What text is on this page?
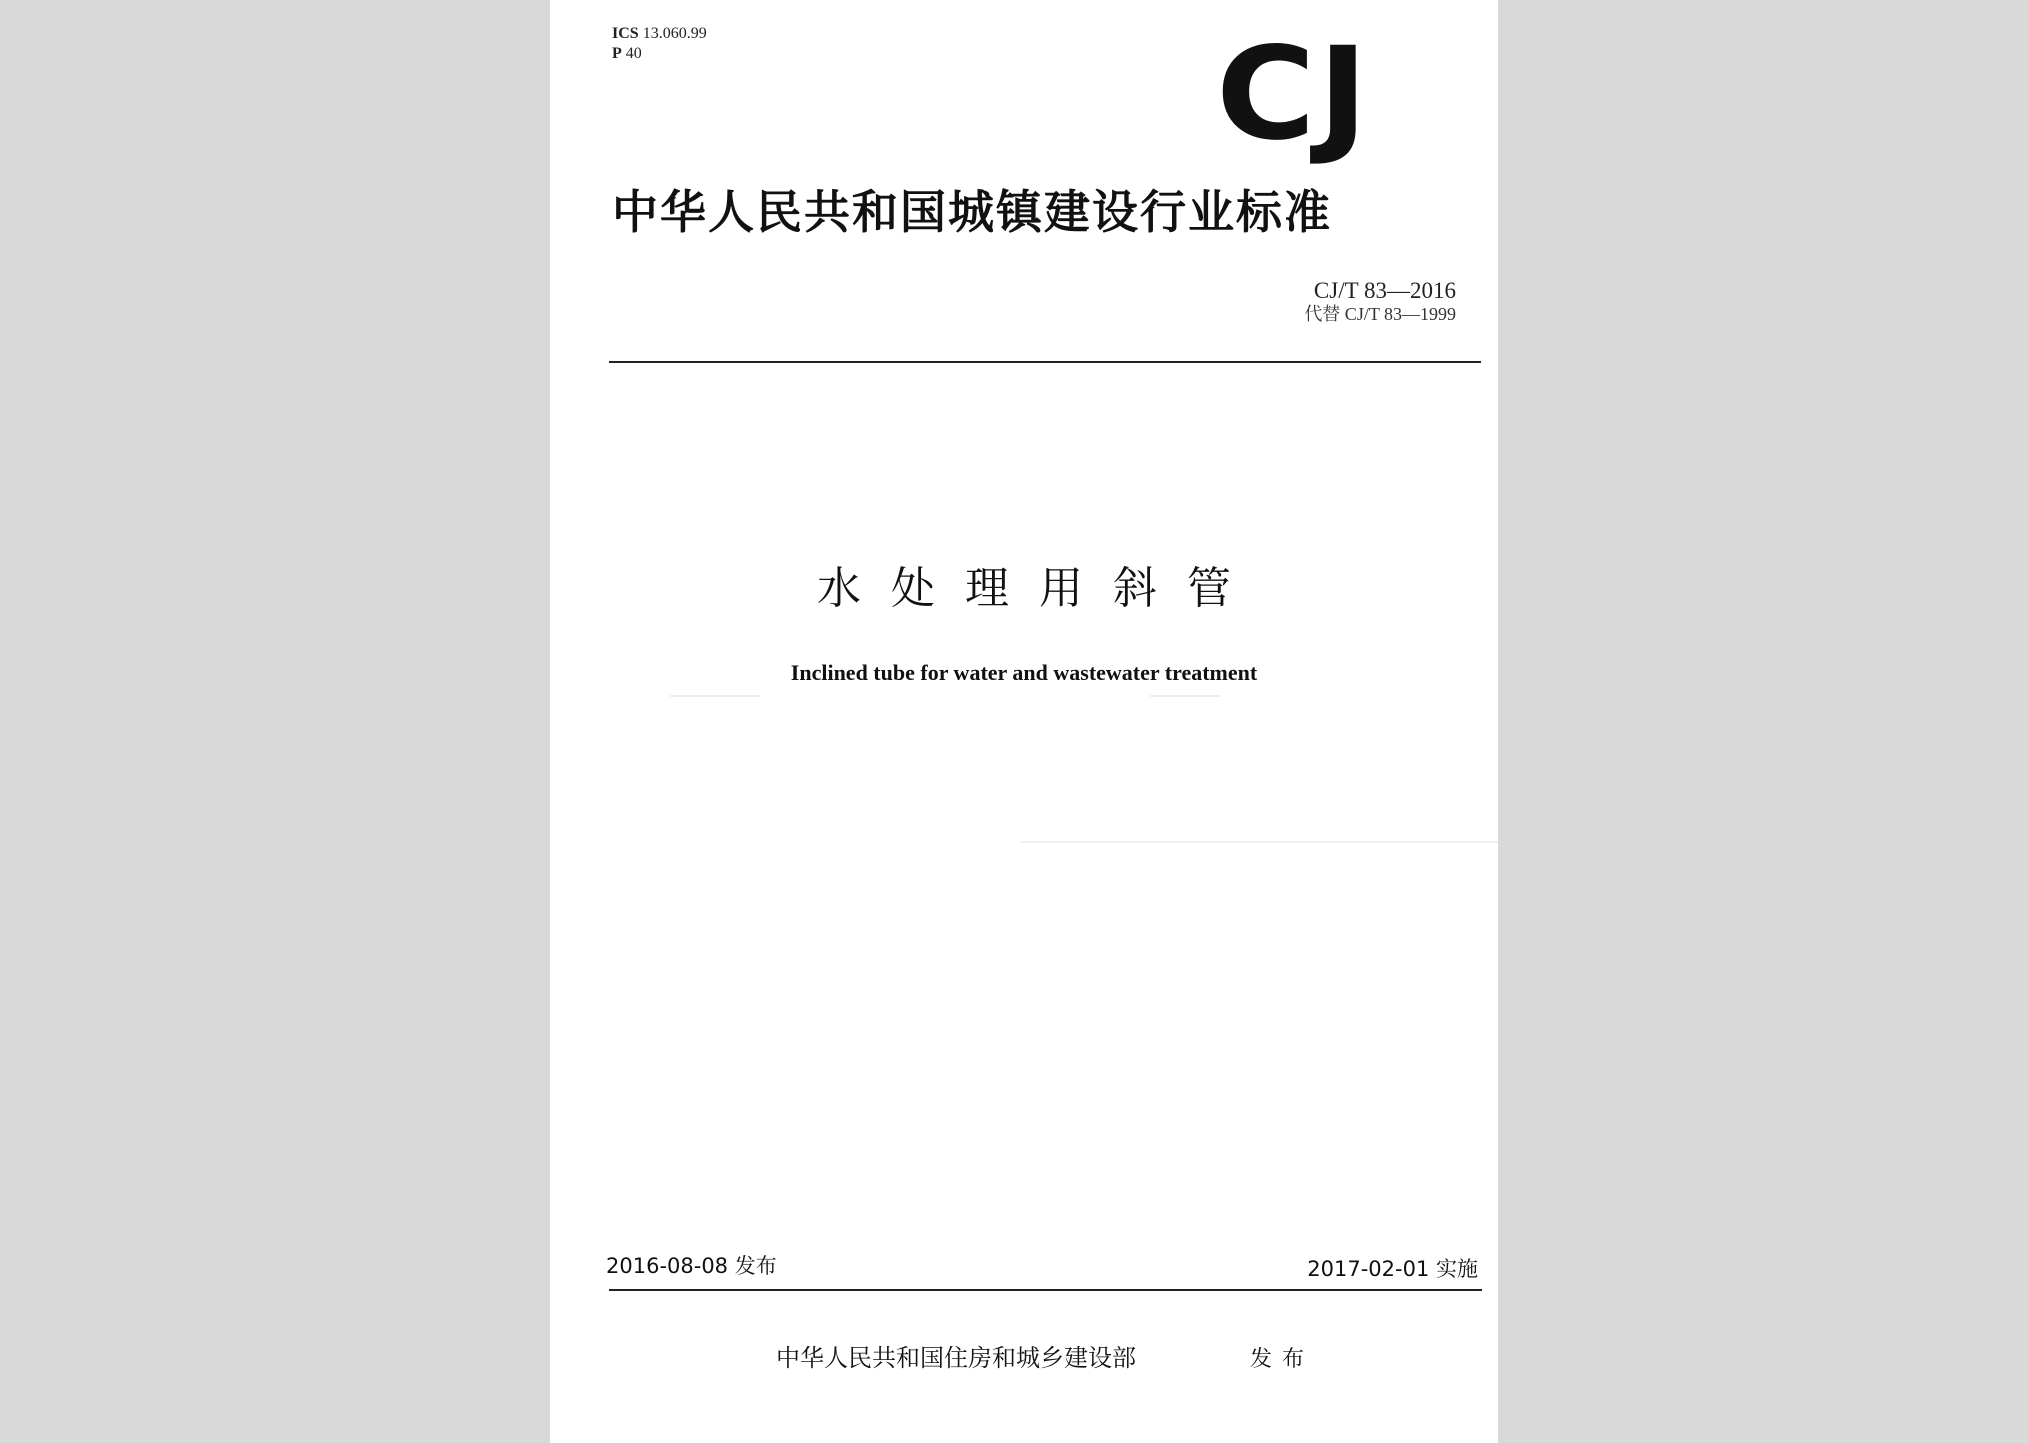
ICS 13.060.99
P 40	CJ
中华人民共和国城镇建设行业标准
CJ/T 83—2016
代替 CJ/T 83—1999
水处理用斜管
Inclined tube for water and wastewater treatment
2016-08-08 发布	2017-02-01 实施
中华人民共和国住房和城乡建设部	发布
